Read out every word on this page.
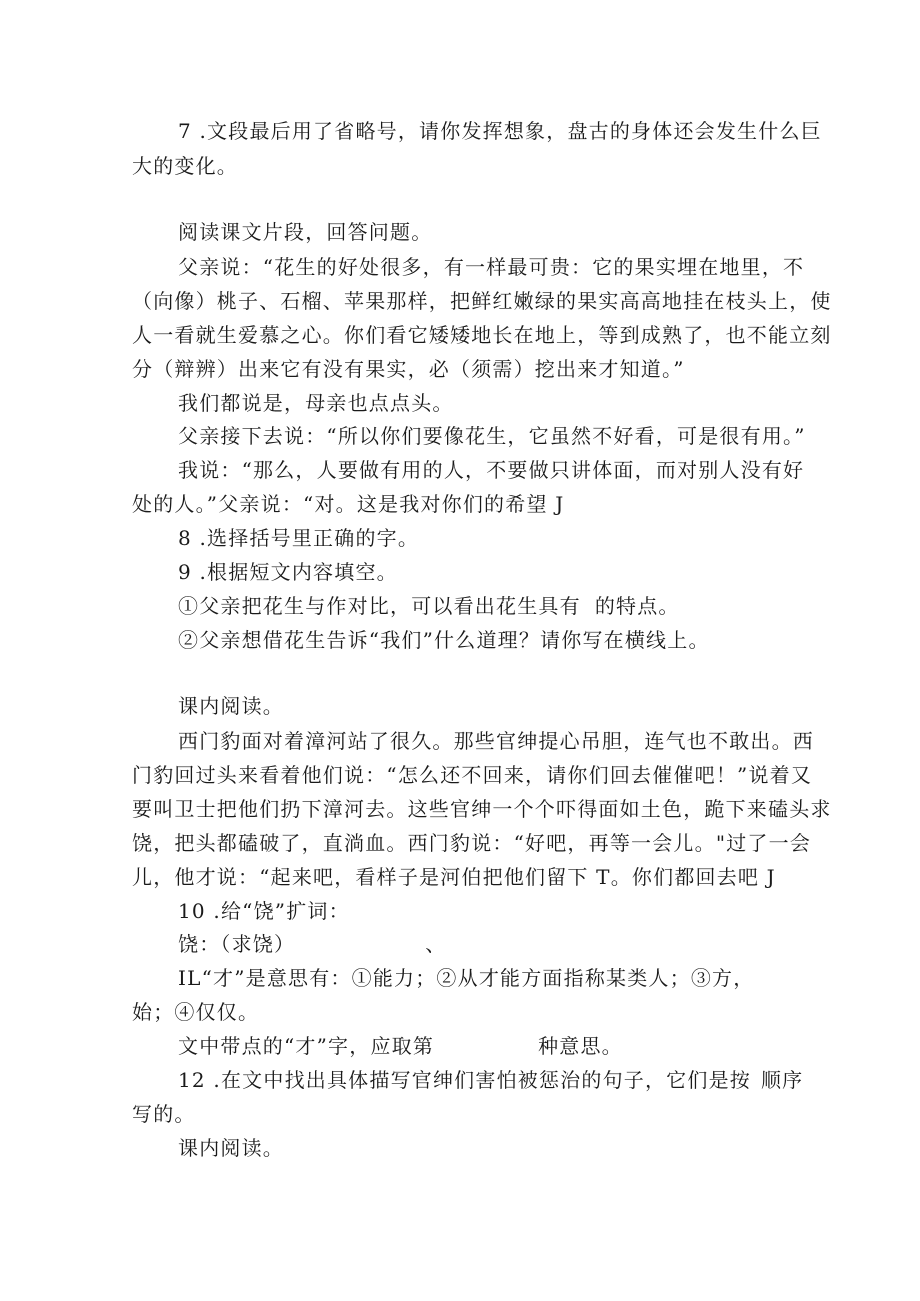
7 .文段最后用了省略号，请你发挥想象，盘古的身体还会发生什么巨
大的变化。
阅读课文片段，回答问题。
父亲说：“花生的好处很多，有一样最可贵：它的果实埋在地里，不
（向像）桃子、石榴、苹果那样，把鲜红嫩绿的果实高高地挂在枝头上，使
人一看就生爱慕之心。你们看它矮矮地长在地上，等到成熟了，也不能立刻
分（辩辨）出来它有没有果实，必（须需）挖出来才知道。”
我们都说是，母亲也点点头。
父亲接下去说：“所以你们要像花生，它虽然不好看，可是很有用。”
我说：“那么，人要做有用的人，不要做只讲体面，而对别人没有好
处的人。”父亲说：“对。这是我对你们的希望 J
8 .选择括号里正确的字。
9 .根据短文内容填空。
①父亲把花生与作对比，可以看出花生具有 的特点。
②父亲想借花生告诉“我们”什么道理？请你写在横线上。
课内阅读。
西门豹面对着漳河站了很久。那些官绅提心吊胆，连气也不敢出。西
门豹回过头来看着他们说：“怎么还不回来，请你们回去催催吧！”说着又
要叫卫士把他们扔下漳河去。这些官绅一个个吓得面如土色，跪下来磕头求
饶，把头都磕破了，直淌血。西门豹说：“好吧，再等一会儿。"过了一会
儿，他才说：“起来吧，看样子是河伯把他们留下 T。你们都回去吧 J
10 .给“饶”扩词：
饶：（求饶）	、
IL“才”是意思有：①能力；②从才能方面指称某类人；③方，
始；④仅仅。
文中带点的“才”字，应取第	种意思。
12 .在文中找出具体描写官绅们害怕被惩治的句子，它们是按 顺序
写的。
课内阅读。
